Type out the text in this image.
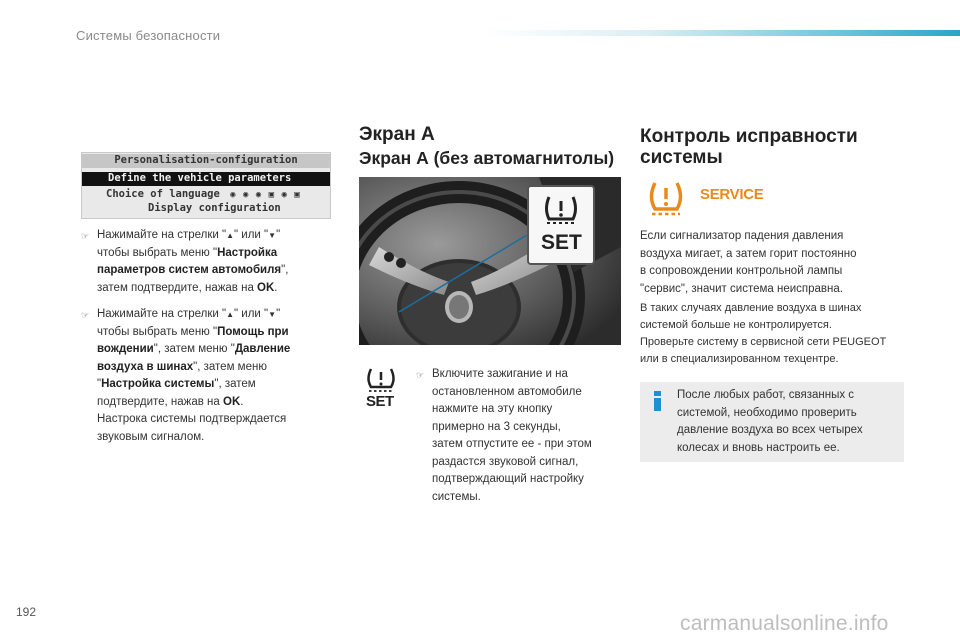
Системы безопасности
Personalisation-configuration
Define the vehicle parameters
Choice of language ◉ ◉ ◉ ▣ ◉ ▣
Display configuration
☞ Нажимайте на стрелки "▲" или "▼"
чтобы выбрать меню "Настройка
параметров систем автомобиля",
затем подтвердите, нажав на OK.
☞ Нажимайте на стрелки "▲" или "▼"
чтобы выбрать меню "Помощь при
вождении", затем меню "Давление
воздуха в шинах", затем меню
"Настройка системы", затем
подтвердите, нажав на OK.
Настрока системы подтверждается
звуковым сигналом.
Экран А
Экран А (без автомагнитолы)
SET
SET
☞ Включите зажигание и на
остановленном автомобиле
нажмите на эту кнопку
примерно на 3 секунды,
затем отпустите ее - при этом
раздастся звуковой сигнал,
подтверждающий настройку
системы.
Контроль исправности
системы
SERVICE
Если сигнализатор падения давления
воздуха мигает, а затем горит постоянно
в сопровождении контрольной лампы
"сервис", значит система неисправна.
В таких случаях давление воздуха в шинах
системой больше не контролируется.
Проверьте систему в сервисной сети PEUGEOT
или в специализированном техцентре.
После любых работ, связанных с
системой, необходимо проверить
давление воздуха во всех четырех
колесах и вновь настроить ее.
192	carmanualsonline.info
